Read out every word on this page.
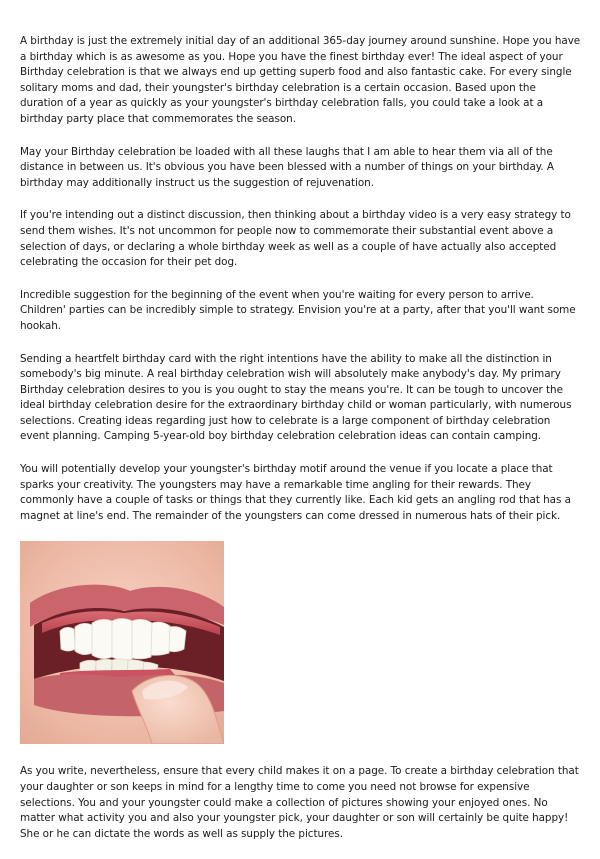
A birthday is just the extremely initial day of an additional 365-day journey around sunshine. Hope you have a birthday which is as awesome as you. Hope you have the finest birthday ever! The ideal aspect of your Birthday celebration is that we always end up getting superb food and also fantastic cake. For every single solitary moms and dad, their youngster's birthday celebration is a certain occasion. Based upon the duration of a year as quickly as your youngster's birthday celebration falls, you could take a look at a birthday party place that commemorates the season.

May your Birthday celebration be loaded with all these laughs that I am able to hear them via all of the distance in between us. It's obvious you have been blessed with a number of things on your birthday. A birthday may additionally instruct us the suggestion of rejuvenation.

If you're intending out a distinct discussion, then thinking about a birthday video is a very easy strategy to send them wishes. It's not uncommon for people now to commemorate their substantial event above a selection of days, or declaring a whole birthday week as well as a couple of have actually also accepted celebrating the occasion for their pet dog.

Incredible suggestion for the beginning of the event when you're waiting for every person to arrive. Children' parties can be incredibly simple to strategy. Envision you're at a party, after that you'll want some hookah.

Sending a heartfelt birthday card with the right intentions have the ability to make all the distinction in somebody's big minute. A real birthday celebration wish will absolutely make anybody's day. My primary Birthday celebration desires to you is you ought to stay the means you're. It can be tough to uncover the ideal birthday celebration desire for the extraordinary birthday child or woman particularly, with numerous selections. Creating ideas regarding just how to celebrate is a large component of birthday celebration event planning. Camping 5-year-old boy birthday celebration celebration ideas can contain camping.

You will potentially develop your youngster's birthday motif around the venue if you locate a place that sparks your creativity. The youngsters may have a remarkable time angling for their rewards. They commonly have a couple of tasks or things that they currently like. Each kid gets an angling rod that has a magnet at line's end. The remainder of the youngsters can come dressed in numerous hats of their pick.

As you write, nevertheless, ensure that every child makes it on a page. To create a birthday celebration that your daughter or son keeps in mind for a lengthy time to come you need not browse for expensive selections. You and your youngster could make a collection of pictures showing your enjoyed ones. No matter what activity you and also your youngster pick, your daughter or son will certainly be quite happy! She or he can dictate the words as well as supply the pictures.
